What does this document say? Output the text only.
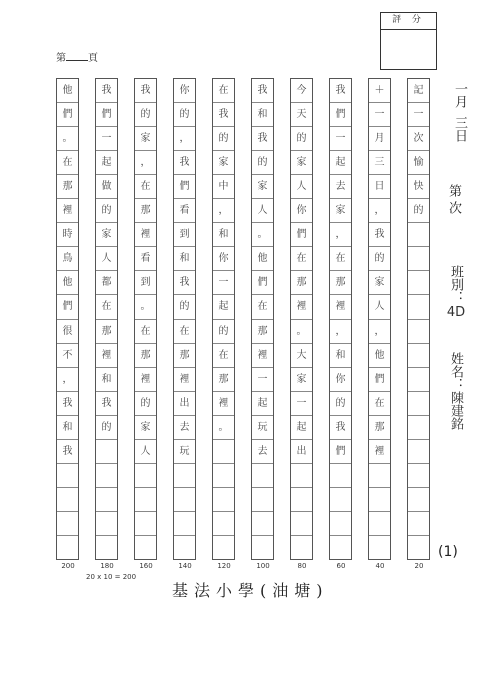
評 分
第 頁
他
們
。
在
那
裡
時
鳥
他
們
很
不
，
我
和
我
200
我
們
一
起
做
的
家
人
都
在
那
裡
和
我
的
180
我
的
家
，
在
那
裡
看
到
。
在
那
裡
的
家
人
160
你
的
，
我
們
看
到
和
我
的
在
那
裡
出
去
玩
140
在
我
的
家
中
，
和
你
一
起
的
在
那
裡
。
120
我
和
我
的
家
人
。
他
們
在
那
裡
一
起
玩
去
100
今
天
的
家
人
你
們
在
那
裡
。
大
家
一
起
出
80
我
們
一
起
去
家
，
在
那
裡
，
和
你
的
我
們
60
＋
一
月
三
日
，
我
的
家
人
，
他
們
在
那
裡
40
記
一
次
愉
快
的
20
20 x 10 = 200
基法小學(油塘)
一月
三日
第 次
班別：
4D
姓名：
陳建銘
(1)
